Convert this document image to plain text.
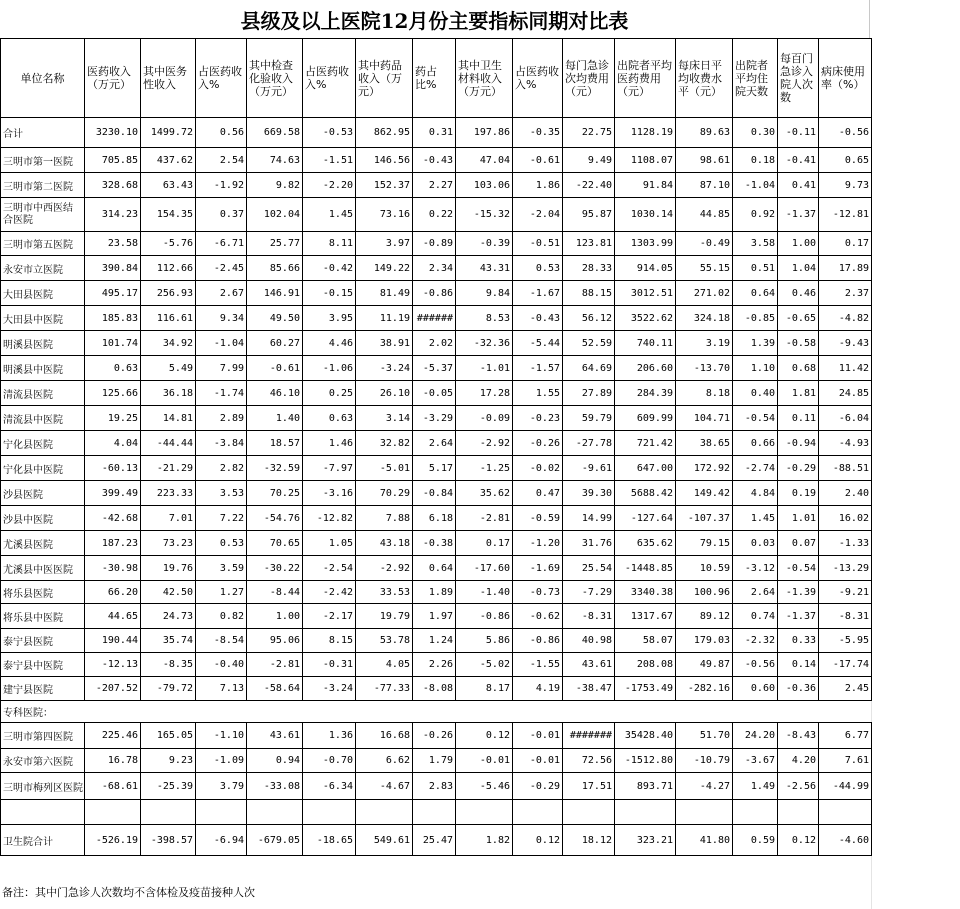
县级及以上医院12月份主要指标同期对比表
单位名称	医药收入（万元）	其中医务性收入	占医药收入%	其中检查化验收入（万元）	占医药收入%	其中药品收入（万元）	药占比%	其中卫生材料收入（万元）	占医药收入%	每门急诊次均费用（元）	出院者平均医药费用（元）	每床日平均收费水平（元）	出院者平均住院天数	每百门急诊入院人次数	病床使用率（%）
合计	3230.10	1499.72	0.56	669.58	-0.53	862.95	0.31	197.86	-0.35	22.75	1128.19	89.63	0.30	-0.11	-0.56
三明市第一医院	705.85	437.62	2.54	74.63	-1.51	146.56	-0.43	47.04	-0.61	9.49	1108.07	98.61	0.18	-0.41	0.65
三明市第二医院	328.68	63.43	-1.92	9.82	-2.20	152.37	2.27	103.06	1.86	-22.40	91.84	87.10	-1.04	0.41	9.73
三明市中西医结合医院	314.23	154.35	0.37	102.04	1.45	73.16	0.22	-15.32	-2.04	95.87	1030.14	44.85	0.92	-1.37	-12.81
三明市第五医院	23.58	-5.76	-6.71	25.77	8.11	3.97	-0.89	-0.39	-0.51	123.81	1303.99	-0.49	3.58	1.00	0.17
永安市立医院	390.84	112.66	-2.45	85.66	-0.42	149.22	2.34	43.31	0.53	28.33	914.05	55.15	0.51	1.04	17.89
大田县医院	495.17	256.93	2.67	146.91	-0.15	81.49	-0.86	9.84	-1.67	88.15	3012.51	271.02	0.64	0.46	2.37
大田县中医院	185.83	116.61	9.34	49.50	3.95	11.19	######	8.53	-0.43	56.12	3522.62	324.18	-0.85	-0.65	-4.82
明溪县医院	101.74	34.92	-1.04	60.27	4.46	38.91	2.02	-32.36	-5.44	52.59	740.11	3.19	1.39	-0.58	-9.43
明溪县中医院	0.63	5.49	7.99	-0.61	-1.06	-3.24	-5.37	-1.01	-1.57	64.69	206.60	-13.70	1.10	0.68	11.42
清流县医院	125.66	36.18	-1.74	46.10	0.25	26.10	-0.05	17.28	1.55	27.89	284.39	8.18	0.40	1.81	24.85
清流县中医院	19.25	14.81	2.89	1.40	0.63	3.14	-3.29	-0.09	-0.23	59.79	609.99	104.71	-0.54	0.11	-6.04
宁化县医院	4.04	-44.44	-3.84	18.57	1.46	32.82	2.64	-2.92	-0.26	-27.78	721.42	38.65	0.66	-0.94	-4.93
宁化县中医院	-60.13	-21.29	2.82	-32.59	-7.97	-5.01	5.17	-1.25	-0.02	-9.61	647.00	172.92	-2.74	-0.29	-88.51
沙县医院	399.49	223.33	3.53	70.25	-3.16	70.29	-0.84	35.62	0.47	39.30	5688.42	149.42	4.84	0.19	2.40
沙县中医院	-42.68	7.01	7.22	-54.76	-12.82	7.88	6.18	-2.81	-0.59	14.99	-127.64	-107.37	1.45	1.01	16.02
尤溪县医院	187.23	73.23	0.53	70.65	1.05	43.18	-0.38	0.17	-1.20	31.76	635.62	79.15	0.03	0.07	-1.33
尤溪县中医医院	-30.98	19.76	3.59	-30.22	-2.54	-2.92	0.64	-17.60	-1.69	25.54	-1448.85	10.59	-3.12	-0.54	-13.29
将乐县医院	66.20	42.50	1.27	-8.44	-2.42	33.53	1.89	-1.40	-0.73	-7.29	3340.38	100.96	2.64	-1.39	-9.21
将乐县中医院	44.65	24.73	0.82	1.00	-2.17	19.79	1.97	-0.86	-0.62	-8.31	1317.67	89.12	0.74	-1.37	-8.31
泰宁县医院	190.44	35.74	-8.54	95.06	8.15	53.78	1.24	5.86	-0.86	40.98	58.07	179.03	-2.32	0.33	-5.95
泰宁县中医院	-12.13	-8.35	-0.40	-2.81	-0.31	4.05	2.26	-5.02	-1.55	43.61	208.08	49.87	-0.56	0.14	-17.74
建宁县医院	-207.52	-79.72	7.13	-58.64	-3.24	-77.33	-8.08	8.17	4.19	-38.47	-1753.49	-282.16	0.60	-0.36	2.45
专科医院：															
三明市第四医院	225.46	165.05	-1.10	43.61	1.36	16.68	-0.26	0.12	-0.01	#######	35428.40	51.70	24.20	-8.43	6.77
永安市第六医院	16.78	9.23	-1.09	0.94	-0.70	6.62	1.79	-0.01	-0.01	72.56	-1512.80	-10.79	-3.67	4.20	7.61
三明市梅列区医院	-68.61	-25.39	3.79	-33.08	-6.34	-4.67	2.83	-5.46	-0.29	17.51	893.71	-4.27	1.49	-2.56	-44.99

卫生院合计	-526.19	-398.57	-6.94	-679.05	-18.65	549.61	25.47	1.82	0.12	18.12	323.21	41.80	0.59	0.12	-4.60
备注：其中门急诊人次数均不含体检及疫苗接种人次
